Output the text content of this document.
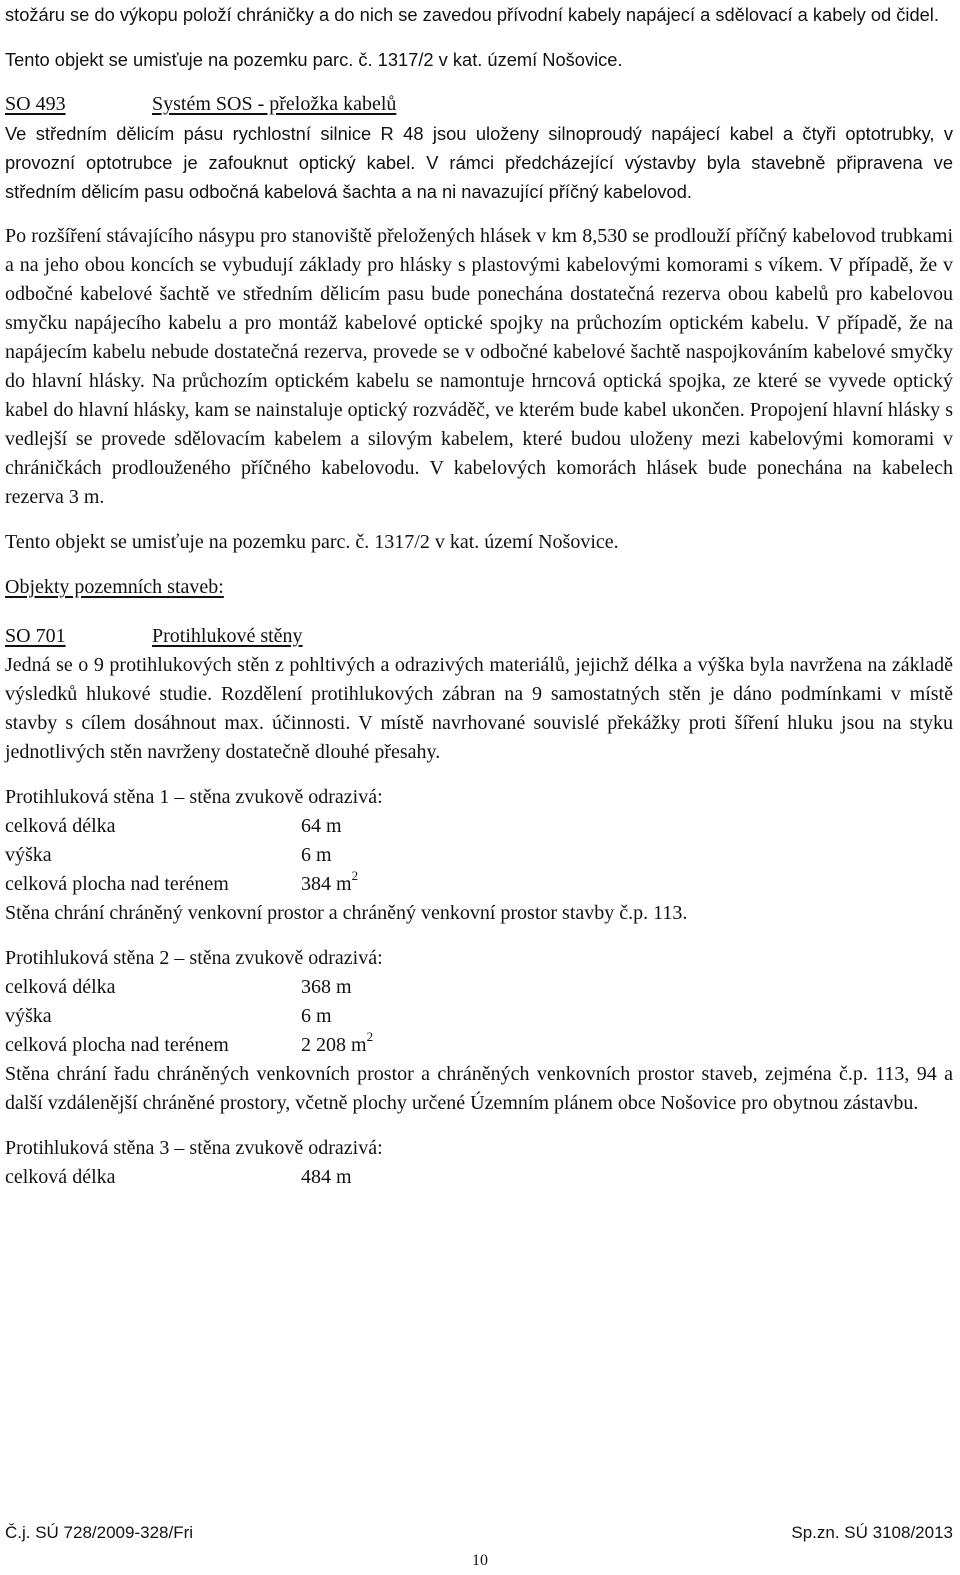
stožáru se do výkopu položí chráničky a do nich se zavedou přívodní kabely napájecí a sdělovací a kabely od čidel.

Tento objekt se umisťuje na pozemku parc. č. 1317/2 v kat. území Nošovice.

SO 493	Systém SOS - přeložka kabelů

Ve středním dělicím pásu rychlostní silnice R 48 jsou uloženy silnoproudý napájecí kabel a čtyři optotrubky, v provozní optotrubce je zafouknut optický kabel. V rámci předcházející výstavby byla stavebně připravena ve středním dělicím pasu odbočná kabelová šachta a na ni navazující příčný kabelovod.

Po rozšíření stávajícího násypu pro stanoviště přeložených hlásek v km 8,530 se prodlouží příčný kabelovod trubkami a na jeho obou koncích se vybudují základy pro hlásky s plastovými kabelovými komorami s víkem. V případě, že v odbočné kabelové šachtě ve středním dělicím pasu bude ponechána dostatečná rezerva obou kabelů pro kabelovou smyčku napájecího kabelu a pro montáž kabelové optické spojky na průchozím optickém kabelu. V případě, že na napájecím kabelu nebude dostatečná rezerva, provede se v odbočné kabelové šachtě naspojkováním kabelové smyčky do hlavní hlásky. Na průchozím optickém kabelu se namontuje hrncová optická spojka, ze které se vyvede optický kabel do hlavní hlásky, kam se nainstaluje optický rozváděč, ve kterém bude kabel ukončen. Propojení hlavní hlásky s vedlejší se provede sdělovacím kabelem a silovým kabelem, které budou uloženy mezi kabelovými komorami v chráničkách prodlouženého příčného kabelovodu. V kabelových komorách hlásek bude ponechána na kabelech rezerva 3 m.

Tento objekt se umisťuje na pozemku parc. č. 1317/2 v kat. území Nošovice.

Objekty pozemních staveb:

SO 701	Protihlukové stěny

Jedná se o 9 protihlukových stěn z pohltivých a odrazivých materiálů, jejichž délka a výška byla navržena na základě výsledků hlukové studie. Rozdělení protihlukových zábran na 9 samostatných stěn je dáno podmínkami v místě stavby s cílem dosáhnout max. účinnosti. V místě navrhované souvislé překážky proti šíření hluku jsou na styku jednotlivých stěn navrženy dostatečně dlouhé přesahy.

Protihluková stěna 1 – stěna zvukově odrazivá:

celková délka	64 m
výška	6 m
celková plocha nad terénem	384 $m^2$

Stěna chrání chráněný venkovní prostor a chráněný venkovní prostor stavby č.p. 113.

Protihluková stěna 2 – stěna zvukově odrazivá:

celková délka	368 m
výška	6 m
celková plocha nad terénem	2 208 $m^2$

Stěna chrání řadu chráněných venkovních prostor a chráněných venkovních prostor staveb, zejména č.p. 113, 94 a další vzdálenější chráněné prostory, včetně plochy určené Územním plánem obce Nošovice pro obytnou zástavbu.

Protihluková stěna 3 – stěna zvukově odrazivá:

celková délka	484 m
Č.j. SÚ 728/2009-328/Fri	Sp.zn. SÚ 3108/2013
10
